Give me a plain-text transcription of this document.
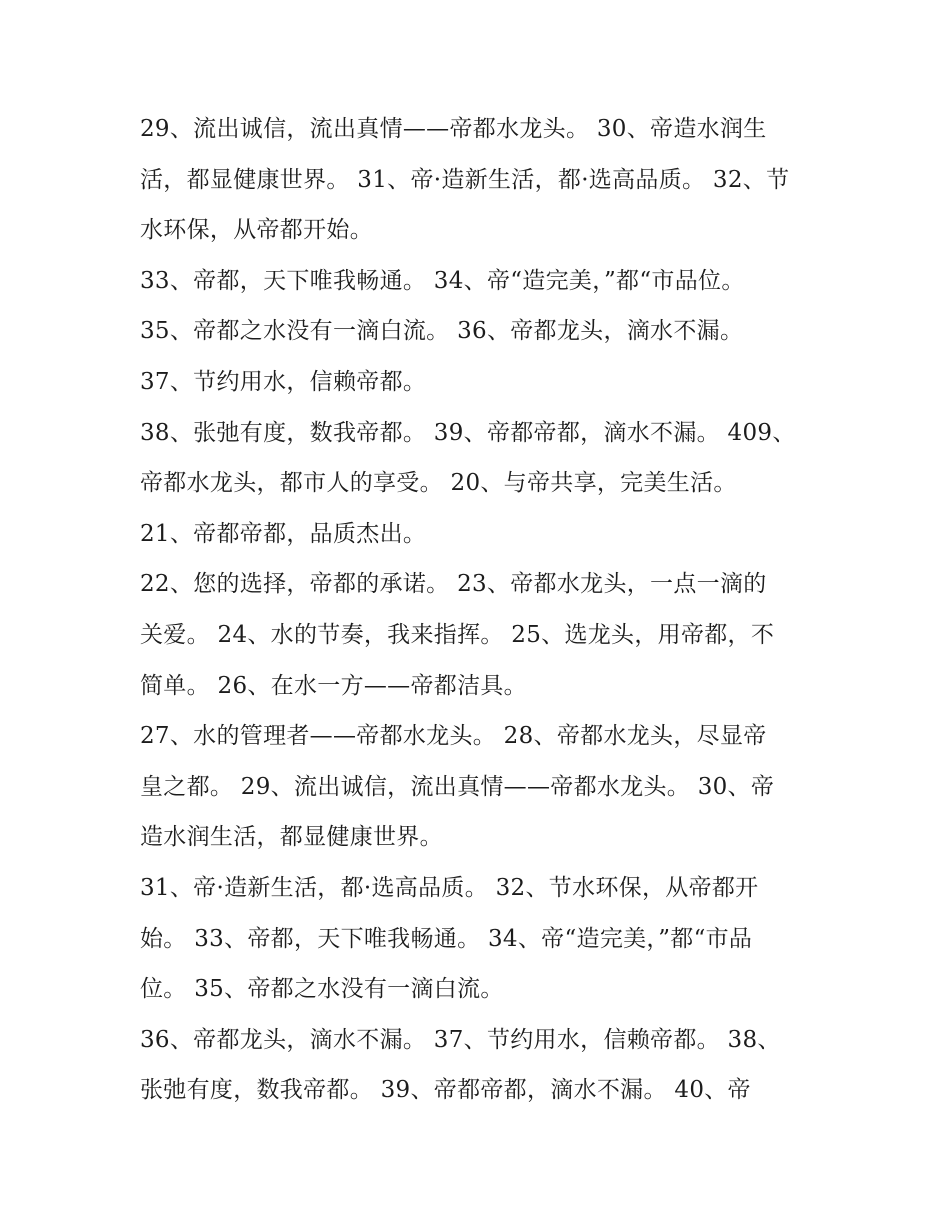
29、流出诚信，流出真情——帝都水龙头。 30、帝造水润生
活，都显健康世界。 31、帝·造新生活，都·选高品质。 32、节
水环保，从帝都开始。
33、帝都，天下唯我畅通。 34、帝“造完美，”都“市品位。
35、帝都之水没有一滴白流。 36、帝都龙头，滴水不漏。
37、节约用水，信赖帝都。
38、张弛有度，数我帝都。 39、帝都帝都，滴水不漏。 409、
帝都水龙头，都市人的享受。 20、与帝共享，完美生活。
21、帝都帝都，品质杰出。
22、您的选择，帝都的承诺。 23、帝都水龙头，一点一滴的
关爱。 24、水的节奏，我来指挥。 25、选龙头，用帝都，不
简单。 26、在水一方——帝都洁具。
27、水的管理者——帝都水龙头。 28、帝都水龙头，尽显帝
皇之都。 29、流出诚信，流出真情——帝都水龙头。 30、帝
造水润生活，都显健康世界。
31、帝·造新生活，都·选高品质。 32、节水环保，从帝都开
始。 33、帝都，天下唯我畅通。 34、帝“造完美，”都“市品
位。 35、帝都之水没有一滴白流。
36、帝都龙头，滴水不漏。 37、节约用水，信赖帝都。 38、
张弛有度，数我帝都。 39、帝都帝都，滴水不漏。 40、帝
